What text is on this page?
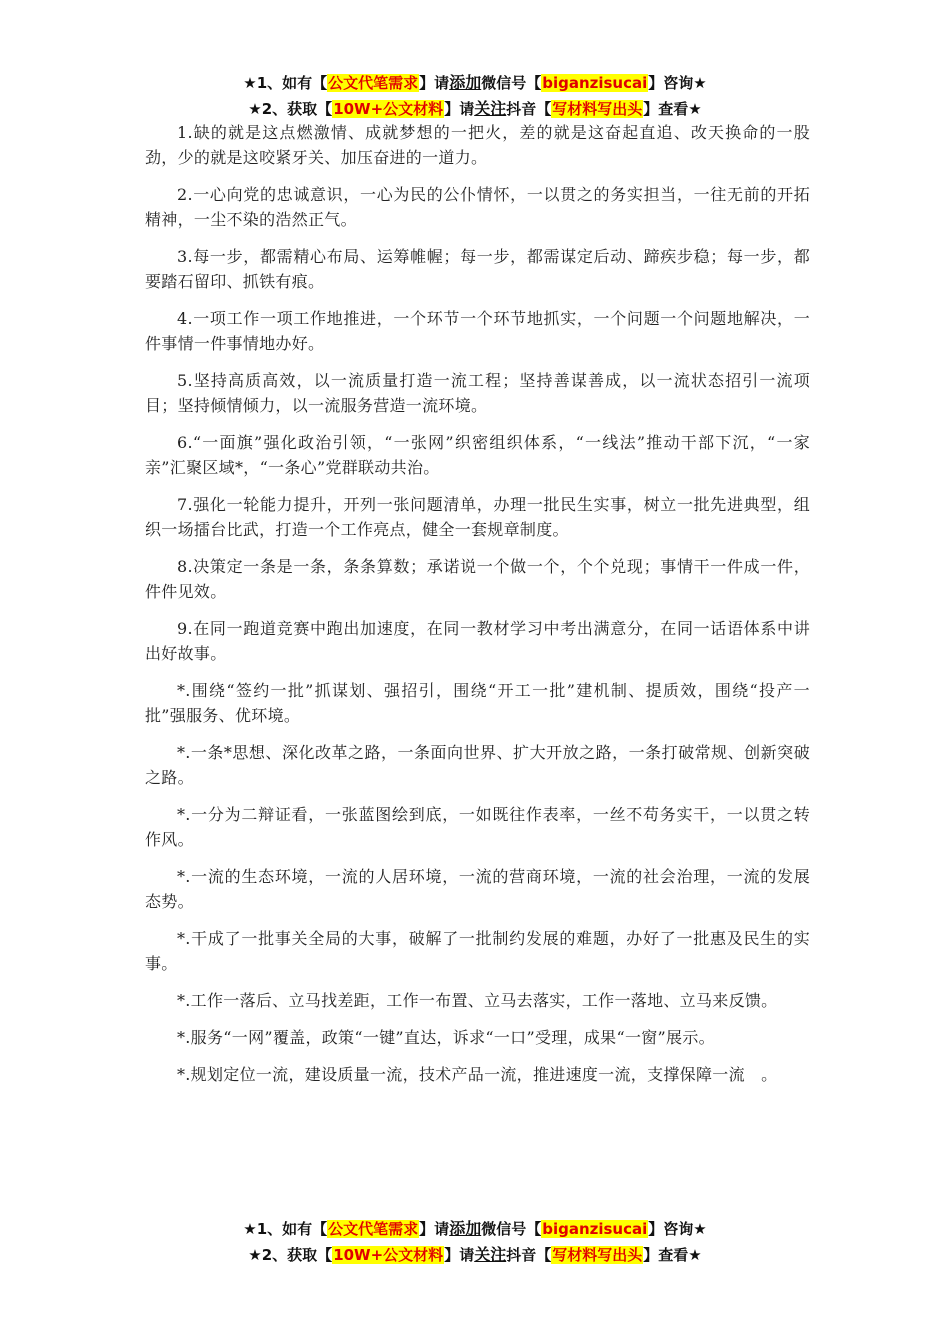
★1、如有【公文代笔需求】请添加微信号【biganzisucai】咨询★
★2、获取【10W+公文材料】请关注抖音【写材料写出头】查看★

1.缺的就是这点燃激情、成就梦想的一把火，差的就是这奋起直追、改天换命的一股劲，少的就是这咬紧牙关、加压奋进的一道力。

2.一心向党的忠诚意识，一心为民的公仆情怀，一以贯之的务实担当，一往无前的开拓精神，一尘不染的浩然正气。

3.每一步，都需精心布局、运筹帷幄；每一步，都需谋定后动、蹄疾步稳；每一步，都要踏石留印、抓铁有痕。

4.一项工作一项工作地推进，一个环节一个环节地抓实，一个问题一个问题地解决，一件事情一件事情地办好。

5.坚持高质高效，以一流质量打造一流工程；坚持善谋善成，以一流状态招引一流项目；坚持倾情倾力，以一流服务营造一流环境。

6.“一面旗”强化政治引领，“一张网”织密组织体系，“一线法”推动干部下沉，“一家亲”汇聚区域*，“一条心”党群联动共治。

7.强化一轮能力提升，开列一张问题清单，办理一批民生实事，树立一批先进典型，组织一场擂台比武，打造一个工作亮点，健全一套规章制度。

8.决策定一条是一条，条条算数；承诺说一个做一个，个个兑现；事情干一件成一件，件件见效。

9.在同一跑道竞赛中跑出加速度，在同一教材学习中考出满意分，在同一话语体系中讲出好故事。

*.围绕“签约一批”抓谋划、强招引，围绕“开工一批”建机制、提质效，围绕“投产一批”强服务、优环境。

*.一条*思想、深化改革之路，一条面向世界、扩大开放之路，一条打破常规、创新突破之路。

*.一分为二辩证看，一张蓝图绘到底，一如既往作表率，一丝不苟务实干，一以贯之转作风。

*.一流的生态环境，一流的人居环境，一流的营商环境，一流的社会治理，一流的发展态势。

*.干成了一批事关全局的大事，破解了一批制约发展的难题，办好了一批惠及民生的实事。

*.工作一落后、立马找差距，工作一布置、立马去落实，工作一落地、立马来反馈。

*.服务“一网”覆盖，政策“一键”直达，诉求“一口”受理，成果“一窗”展示。

*.规划定位一流，建设质量一流，技术产品一流，推进速度一流，支撑保障一流　。

★1、如有【公文代笔需求】请添加微信号【biganzisucai】咨询★
★2、获取【10W+公文材料】请关注抖音【写材料写出头】查看★
